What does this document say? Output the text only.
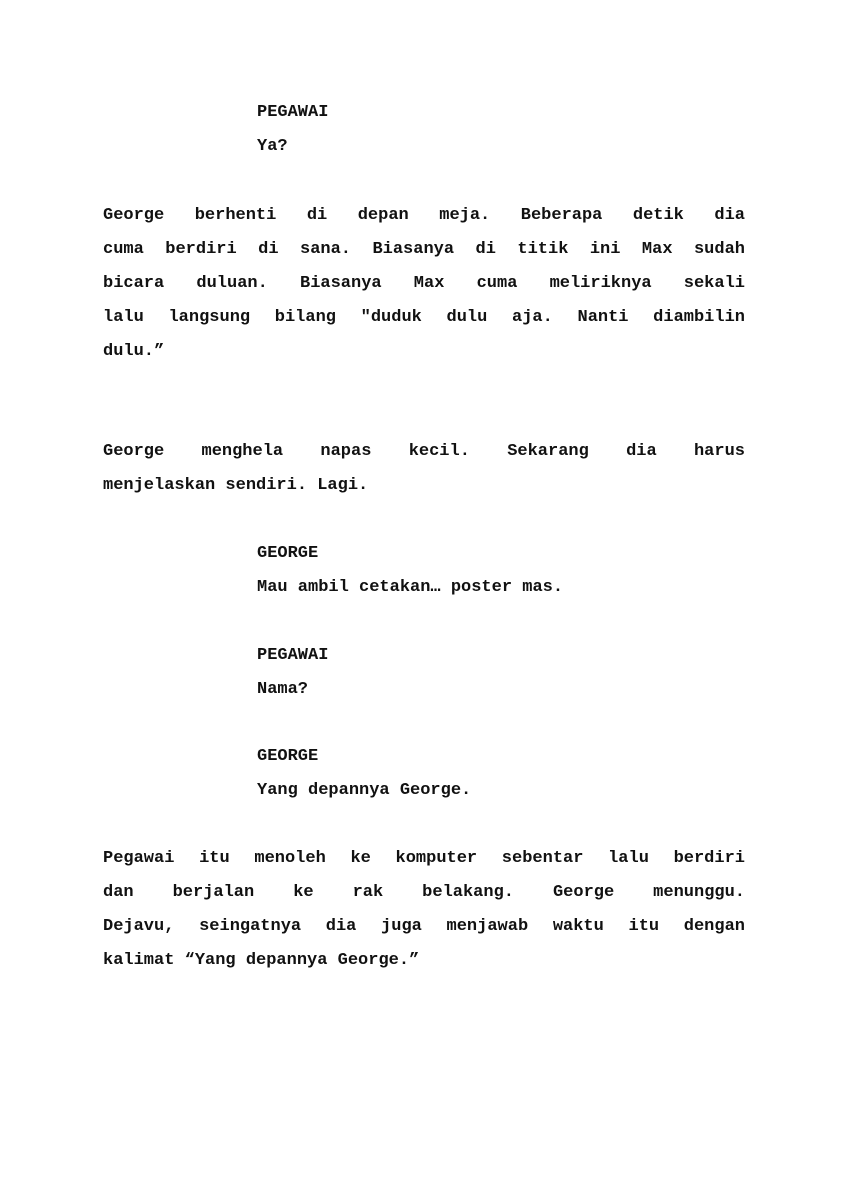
PEGAWAI
Ya?
George berhenti di depan meja. Beberapa detik dia
cuma berdiri di sana. Biasanya di titik ini Max sudah
bicara duluan. Biasanya Max cuma meliriknya sekali
lalu langsung bilang "duduk dulu aja. Nanti diambilin
dulu.”
George menghela napas kecil. Sekarang dia harus
menjelaskan sendiri. Lagi.
GEORGE
Mau ambil cetakan… poster mas.
PEGAWAI
Nama?
GEORGE
Yang depannya George.
Pegawai itu menoleh ke komputer sebentar lalu berdiri
dan berjalan ke rak belakang. George menunggu.
Dejavu, seingatnya dia juga menjawab waktu itu dengan
kalimat “Yang depannya George.”
